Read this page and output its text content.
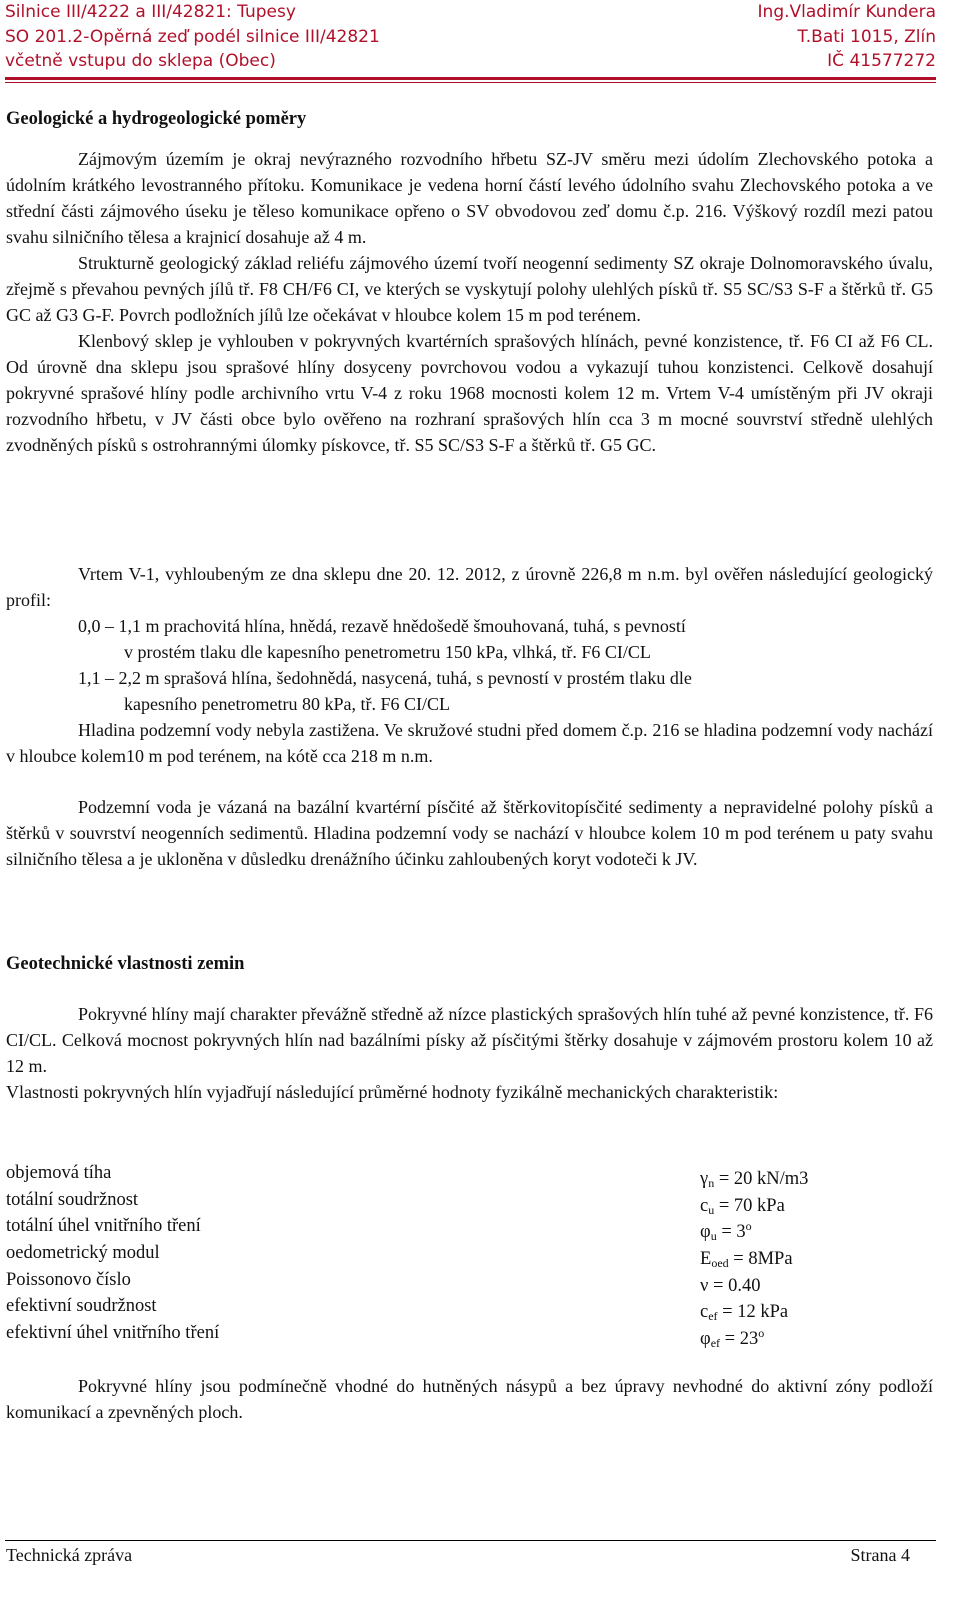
Silnice III/4222 a III/42821: Tupesy	Ing.Vladimír Kundera
SO 201.2-Opěrná zeď podél silnice III/42821	T.Bati 1015, Zlín
včetně vstupu do sklepa (Obec)	IČ 41577272
Geologické a hydrogeologické poměry

Zájmovým územím je okraj nevýrazného rozvodního hřbetu SZ-JV směru mezi údolím Zlechovského potoka a údolním krátkého levostranného přítoku. Komunikace je vedena horní částí levého údolního svahu Zlechovského potoka a ve střední části zájmového úseku je těleso komunikace opřeno o SV obvodovou zeď domu č.p. 216. Výškový rozdíl mezi patou svahu silničního tělesa a krajnicí dosahuje až 4 m.

Strukturně geologický základ reliéfu zájmového území tvoří neogenní sedimenty SZ okraje Dolnomoravského úvalu, zřejmě s převahou pevných jílů tř. F8 CH/F6 CI, ve kterých se vyskytují polohy ulehlých písků tř. S5 SC/S3 S-F a štěrků tř. G5 GC až G3 G-F. Povrch podložních jílů lze očekávat v hloubce kolem 15 m pod terénem.

Klenbový sklep je vyhlouben v pokryvných kvartérních sprašových hlínách, pevné konzistence, tř. F6 CI až F6 CL. Od úrovně dna sklepu jsou sprašové hlíny dosyceny povrchovou vodou a vykazují tuhou konzistenci. Celkově dosahují pokryvné sprašové hlíny podle archivního vrtu V-4 z roku 1968 mocnosti kolem 12 m. Vrtem V-4 umístěným při JV okraji rozvodního hřbetu, v JV části obce bylo ověřeno na rozhraní sprašových hlín cca 3 m mocné souvrství středně ulehlých zvodněných písků s ostrohrannými úlomky pískovce, tř. S5 SC/S3 S-F a štěrků tř. G5 GC.

Vrtem V-1, vyhloubeným ze dna sklepu dne 20. 12. 2012, z úrovně 226,8 m n.m. byl ověřen následující geologický profil:

0,0 – 1,1 m prachovitá hlína, hnědá, rezavě hnědošedě šmouhovaná, tuhá, s pevností

v prostém tlaku dle kapesního penetrometru 150 kPa, vlhká, tř. F6 CI/CL

1,1 – 2,2 m sprašová hlína, šedohnědá, nasycená, tuhá, s pevností v prostém tlaku dle

kapesního penetrometru 80 kPa, tř. F6 CI/CL

Hladina podzemní vody nebyla zastižena. Ve skružové studni před domem č.p. 216 se hladina podzemní vody nachází v hloubce kolem10 m pod terénem, na kótě cca 218 m n.m.

Podzemní voda je vázaná na bazální kvartérní písčité až štěrkovitopísčité sedimenty a nepravidelné polohy písků a štěrků v souvrství neogenních sedimentů. Hladina podzemní vody se nachází v hloubce kolem 10 m pod terénem u paty svahu silničního tělesa a je ukloněna v důsledku drenážního účinku zahloubených koryt vodoteči k JV.

Geotechnické vlastnosti zemin

Pokryvné hlíny mají charakter převážně středně až nízce plastických sprašových hlín tuhé až pevné konzistence, tř. F6 CI/CL. Celková mocnost pokryvných hlín nad bazálními písky až písčitými štěrky dosahuje v zájmovém prostoru kolem 10 až 12 m.

Vlastnosti pokryvných hlín vyjadřují následující průměrné hodnoty fyzikálně mechanických charakteristik:

objemová tíha	$\gamma_n = 20$ kN/m3
totální soudržnost	$c_u = 70$ kPa
totální úhel vnitřního tření	$\varphi_u = 3^o$
oedometrický modul	$E_{oed} = 8MPa$
Poissonovo číslo	ν = 0.40
efektivní soudržnost	$c_{ef} = 12$ kPa
efektivní úhel vnitřního tření	$\varphi_{ef} = 23^o$

Pokryvné hlíny jsou podmínečně vhodné do hutněných násypů a bez úpravy nevhodné do aktivní zóny podloží komunikací a zpevněných ploch.

Technická zpráva	Strana 4
